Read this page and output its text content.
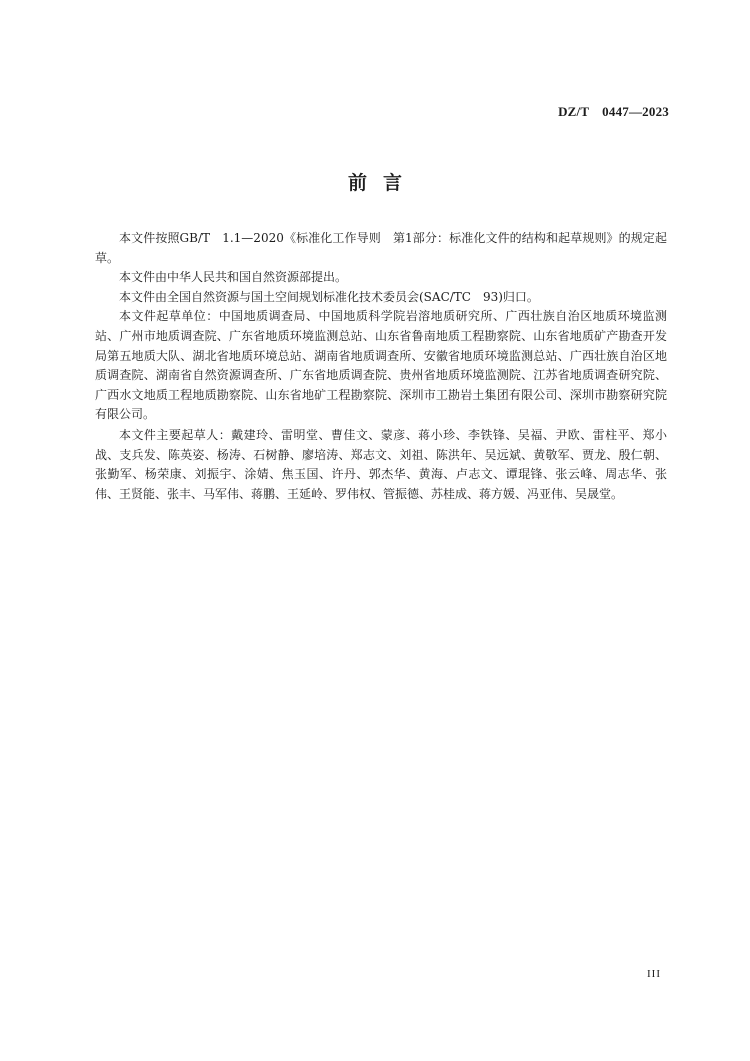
DZ/T　0447—2023
前言

本文件按照GB/T　1.1—2020《标准化工作导则　第1部分：标准化文件的结构和起草规则》的规定起草。

本文件由中华人民共和国自然资源部提出。

本文件由全国自然资源与国土空间规划标准化技术委员会(SAC/TC　93)归口。

本文件起草单位：中国地质调查局、中国地质科学院岩溶地质研究所、广西壮族自治区地质环境监测站、广州市地质调查院、广东省地质环境监测总站、山东省鲁南地质工程勘察院、山东省地质矿产勘查开发局第五地质大队、湖北省地质环境总站、湖南省地质调查所、安徽省地质环境监测总站、广西壮族自治区地质调查院、湖南省自然资源调查所、广东省地质调查院、贵州省地质环境监测院、江苏省地质调查研究院、广西水文地质工程地质勘察院、山东省地矿工程勘察院、深圳市工勘岩土集团有限公司、深圳市勘察研究院有限公司。

本文件主要起草人：戴建玲、雷明堂、曹佳文、蒙彦、蒋小珍、李铁锋、吴福、尹欧、雷柱平、郑小战、支兵发、陈英姿、杨涛、石树静、廖培涛、郑志文、刘祖、陈洪年、吴远斌、黄敬军、贾龙、殷仁朝、张勤军、杨荣康、刘振宇、涂婧、焦玉国、许丹、郭杰华、黄海、卢志文、谭琨锋、张云峰、周志华、张伟、王贤能、张丰、马军伟、蒋鹏、王延岭、罗伟权、管振德、苏桂成、蒋方媛、冯亚伟、吴晟堂。

III
